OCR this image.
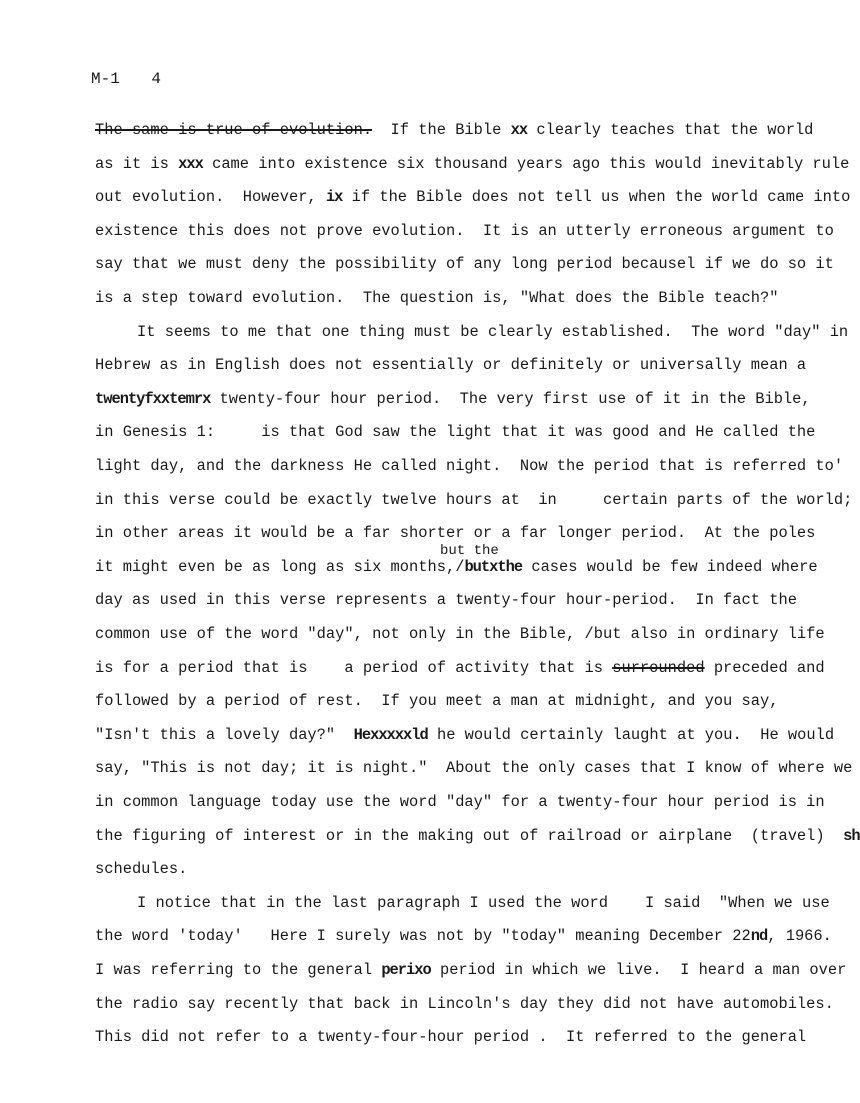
M-1 4
but the
The same is true of evolution.  If the Bible xx clearly teaches that the world
as it is xxx came into existence six thousand years ago this would inevitably rule
out evolution.  However, ix if the Bible does not tell us when the world came into
existence this does not prove evolution.  It is an utterly erroneous argument to
say that we must deny the possibility of any long period becausel if we do so it
is a step toward evolution.  The question is, "What does the Bible teach?"
It seems to me that one thing must be clearly established.  The word "day" in
Hebrew as in English does not essentially or definitely or universally mean a
twentyfxxtemrx twenty-four hour period.  The very first use of it in the Bible,
in Genesis 1:     is that God saw the light that it was good and He called the
light day, and the darkness He called night.  Now the period that is referred to'
in this verse could be exactly twelve hours at  in     certain parts of the world;
in other areas it would be a far shorter or a far longer period.  At the poles
it might even be as long as six months,/butxthe cases would be few indeed where
day as used in this verse represents a twenty-four hour-period.  In fact the
common use of the word "day", not only in the Bible, /but also in ordinary life
is for a period that is    a period of activity that is surrounded preceded and
followed by a period of rest.  If you meet a man at midnight, and you say,
"Isn't this a lovely day?"  Hexxxxxld he would certainly laught at you.  He would
say, "This is not day; it is night."  About the only cases that I know of where we
in common language today use the word "day" for a twenty-four hour period is in
the figuring of interest or in the making out of railroad or airplane  (travel)  sh
schedules.
I notice that in the last paragraph I used the word    I said  "When we use
the word 'today'   Here I surely was not by "today" meaning December 22nd, 1966.
I was referring to the general perixo period in which we live.  I heard a man over
the radio say recently that back in Lincoln's day they did not have automobiles.
This did not refer to a twenty-four-hour period .  It referred to the general
